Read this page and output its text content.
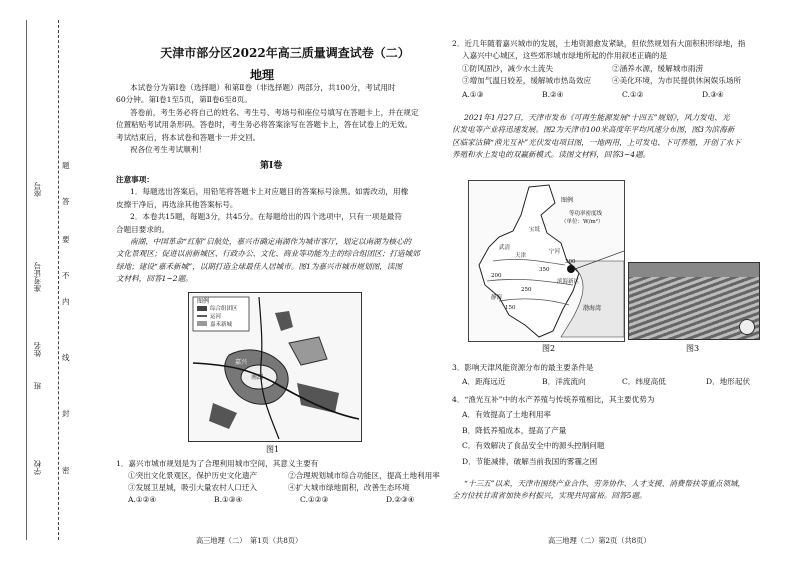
学校
班
姓名
准考证号
座号
密
封
线
内
不
要
答
题
天津市部分区2022年高三质量调查试卷（二）
地理
本试卷分为第Ⅰ卷（选择题）和第Ⅱ卷（非选择题）两部分，共100分，考试用时
60分钟。第Ⅰ卷1至5页，第Ⅱ卷6至8页。
答卷前，考生务必将自己的姓名、考生号、考场号和座位号填写在答题卡上，并在规定
位置粘贴考试用条形码。答卷时，考生务必将答案涂写在答题卡上，答在试卷上的无效。
考试结束后，将本试卷和答题卡一并交回。
祝各位考生考试顺利！
第Ⅰ卷
注意事项：
1．每题选出答案后，用铅笔将答题卡上对应题目的答案标号涂黑。如需改动，用橡
皮擦干净后，再选涂其他答案标号。
2．本卷共15题，每题3分，共45分。在每题给出的四个选项中，只有一项是最符
合题目要求的。
南湖、中国革命“红船”启航处，嘉兴市确定南湖作为城市客厅，划定以南湖为核心的
文化景观区；促进以前新城区、行政办公、文化、商业等功能为主的综合组团区；打造城郊
绿地；建设“嘉禾新城”，以期打造全球最佳人居城市。图1为嘉兴市城市规划图，读图
文材料，回答1~2题。
图例
综合组团区
运河
嘉禾新城
南湖
嘉兴
图1
1．嘉兴市城市规划是为了合理利用城市空间，其意义主要有
①突出文化景观区，保护历史文化遗产	②合理规划城市综合功能区，提高土地利用率
③发展卫星城，吸引大量农村人口迁入	④扩大城市绿地面积，改善生态环境
A.①②④	B.①③④	C.①②③	D.②③④
高三地理（二）　第1页（共8页）
2．近几年随着嘉兴城市的发展，土地资源愈发紧缺，但依然规划有大面积积形绿地，指
入嘉兴中心城区，这些郊形城市绿地所起的作用叙述正确的是
①防风固沙，减少水土流失	②涵养水源，缓解城市雨涝
③增加气温日较差，缓解城市热岛效应	④美化环境，为市民提供休闲娱乐场所
A.①③	B.②④	C.①②	D.③④
2021年1月27日，天津市发布《可再生能源发展“十四五”规划》，风力发电、光
伏发电等产业将迅速发展。图2为天津市100米高度年平均风速分布图，图3为滨海新
区临家沽镇“渔光互补”光伏发电项目图，一地两用，上可发电、下可养殖，开创了水下
养殖和水上发电的双赢新模式。读图文材料，回答3~4题。
图例
等功率密度线
（单位：W/m²）
300
350
200
250
150
天津
武清
宝坻
宁河
静海
滨海新区
渤海湾
图2	图3
3．影响天津风能资源分布的最主要条件是
A．距海远近	B．洋流流向	C．纬度高低	D．地形起伏
4．“渔光互补”中的水产养殖与传统养殖相比，其主要优势为
A．有效提高了土地利用率
B．降低养殖成本，提高了产量
C．有效解决了食品安全中的源头控制问题
D．节能减排，破解当前我国的雾霾之困
“十三五”以来，天津市围绕产业合作、劳务协作、人才支援、消费帮扶等重点领域，
全方位扶甘肃省加快乡村振兴，实现共同富裕。回答5题。
高三地理（二）第2页（共8页）
